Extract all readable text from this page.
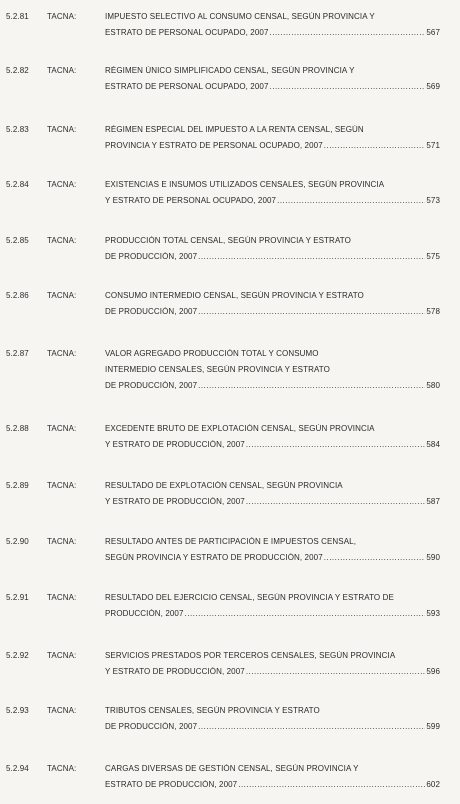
5.2.81	TACNA:	IMPUESTO SELECTIVO AL CONSUMO CENSAL, SEGÚN PROVINCIA Y
ESTRATO DE PERSONAL OCUPADO, 2007 .....	567
5.2.82	TACNA:	RÉGIMEN ÚNICO SIMPLIFICADO CENSAL, SEGÚN PROVINCIA Y
ESTRATO DE PERSONAL OCUPADO, 2007 .....	569
5.2.83	TACNA:	RÉGIMEN ESPECIAL DEL IMPUESTO A LA RENTA CENSAL, SEGÚN
PROVINCIA Y ESTRATO DE PERSONAL OCUPADO, 2007 .....	571
5.2.84	TACNA:	EXISTENCIAS E INSUMOS UTILIZADOS CENSALES, SEGÚN PROVINCIA
Y ESTRATO DE PERSONAL OCUPADO, 2007 .....	573
5.2.85	TACNA:	PRODUCCIÓN TOTAL CENSAL, SEGÚN PROVINCIA Y ESTRATO
DE PRODUCCIÓN, 2007 .....	575
5.2.86	TACNA:	CONSUMO INTERMEDIO CENSAL, SEGÚN PROVINCIA Y ESTRATO
DE PRODUCCIÓN, 2007 .....	578
5.2.87	TACNA:	VALOR AGREGADO PRODUCCIÓN TOTAL Y CONSUMO
INTERMEDIO CENSALES, SEGÚN PROVINCIA Y ESTRATO
DE PRODUCCIÓN, 2007 .....	580
5.2.88	TACNA:	EXCEDENTE BRUTO DE EXPLOTACIÓN CENSAL, SEGÚN PROVINCIA
Y ESTRATO DE PRODUCCIÓN, 2007 .....	584
5.2.89	TACNA:	RESULTADO DE EXPLOTACIÓN CENSAL, SEGÚN PROVINCIA
Y ESTRATO DE PRODUCCIÓN, 2007 .....	587
5.2.90	TACNA:	RESULTADO ANTES DE PARTICIPACIÓN E IMPUESTOS CENSAL,
SEGÚN PROVINCIA Y ESTRATO DE PRODUCCIÓN, 2007 .....	590
5.2.91	TACNA:	RESULTADO DEL EJERCICIO CENSAL, SEGÚN PROVINCIA Y ESTRATO DE
PRODUCCIÓN, 2007 .....	593
5.2.92	TACNA:	SERVICIOS PRESTADOS POR TERCEROS CENSALES, SEGÚN PROVINCIA
Y ESTRATO DE PRODUCCIÓN, 2007 .....	596
5.2.93	TACNA:	TRIBUTOS CENSALES, SEGÚN PROVINCIA Y ESTRATO
DE PRODUCCIÓN, 2007 .....	599
5.2.94	TACNA:	CARGAS DIVERSAS DE GESTIÓN CENSAL, SEGÚN PROVINCIA Y
ESTRATO DE PRODUCCIÓN, 2007 .....	602
